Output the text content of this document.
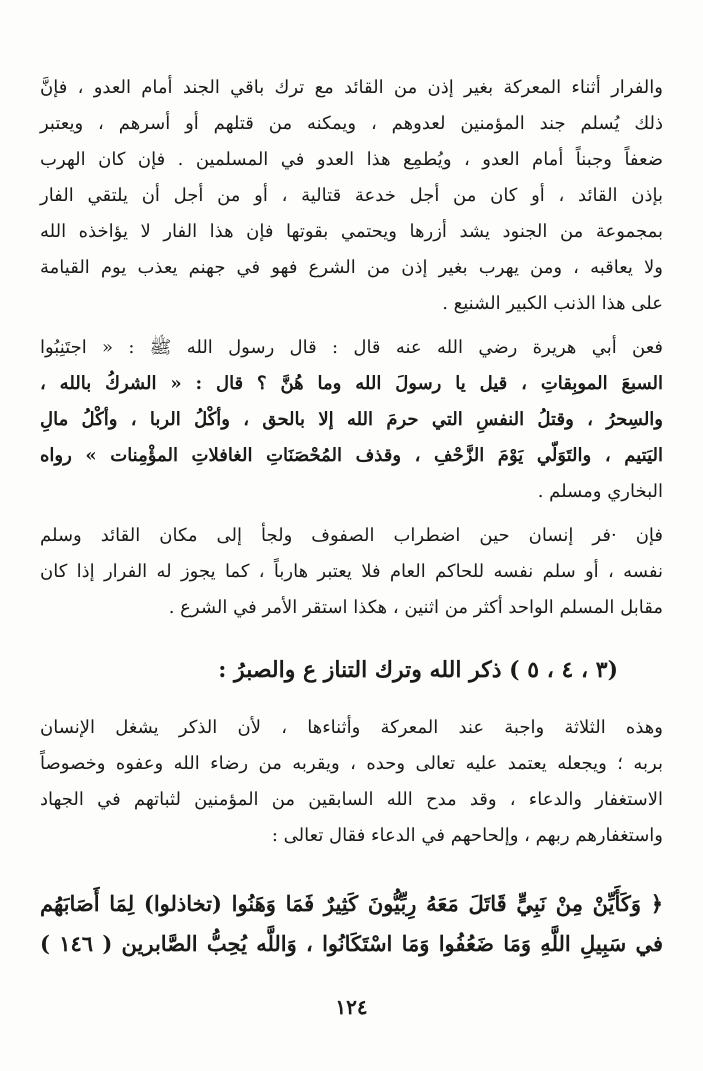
والفرار أثناء المعركة بغير إذن من القائد مع ترك باقي الجند أمام العدو ، فإنَّ
ذلك يُسلم جند المؤمنين لعدوهم ، ويمكنه من قتلهم أو أسرهم ، ويعتبر
ضعفاً وجبناً أمام العدو ، ويُطمِع هذا العدو في المسلمين . فإن كان الهرب
بإذن القائد ، أو كان من أجل خدعة قتالية ، أو من أجل أن يلتقي الفار
بمجموعة من الجنود يشد أزرها ويحتمي بقوتها فإن هذا الفار لا يؤاخذه الله
ولا يعاقبه ، ومن يهرب بغير إذن من الشرع فهو في جهنم يعذب يوم القيامة
على هذا الذنب الكبير الشنيع .
فعن أبي هريرة رضي الله عنه قال : قال رسول الله ﷺ : « اجتَنِبُوا
السبعَ الموبِقاتِ ، قيل يا رسولَ الله وما هُنَّ ؟ قال : « الشركُ بالله ،
والسِحرُ ، وقتلُ النفسِ التي حرمَ الله إلا بالحق ، وأكْلُ الربا ، وأكْلُ مالِ
اليَتيم ، والتَوَلّي يَوْمَ الزَّحْفِ ، وقذف المُحْصَنَاتِ الغافلاتِ المؤْمِنات » رواه
البخاري ومسلم .
فإن ·فر إنسان حين اضطراب الصفوف ولجأ إلى مكان القائد وسلم
نفسه ، أو سلم نفسه للحاكم العام فلا يعتبر هارباً ، كما يجوز له الفرار إذا كان
مقابل المسلم الواحد أكثر من اثنين ، هكذا استقر الأمر في الشرع .
(٣ ، ٤ ، ٥ ) ذكر الله وترك التناز ع والصبرُ :
وهذه الثلاثة واجبة عند المعركة وأثناءها ، لأن الذكر يشغل الإنسان
بربه ؛ ويجعله يعتمد عليه تعالى وحده ، ويقربه من رضاء الله وعفوه وخصوصاً
الاستغفار والدعاء ، وقد مدح الله السابقين من المؤمنين لثباتهم في الجهاد
واستغفارهم ربهم ، وإلحاحهم في الدعاء فقال تعالى :
﴿ وَكَأَيِّنْ مِنْ نَبِيٍّ قَاتَلَ مَعَهُ رِبِّيُّونَ كَثِيرٌ فَمَا وَهَنُوا (تخاذلوا) لِمَا أَصَابَهُم
في سَبِيلِ اللَّهِ وَمَا ضَعُفُوا وَمَا اسْتَكَانُوا ، وَاللَّه يُحِبُّ الصَّابرين ( ١٤٦ )
١٢٤
